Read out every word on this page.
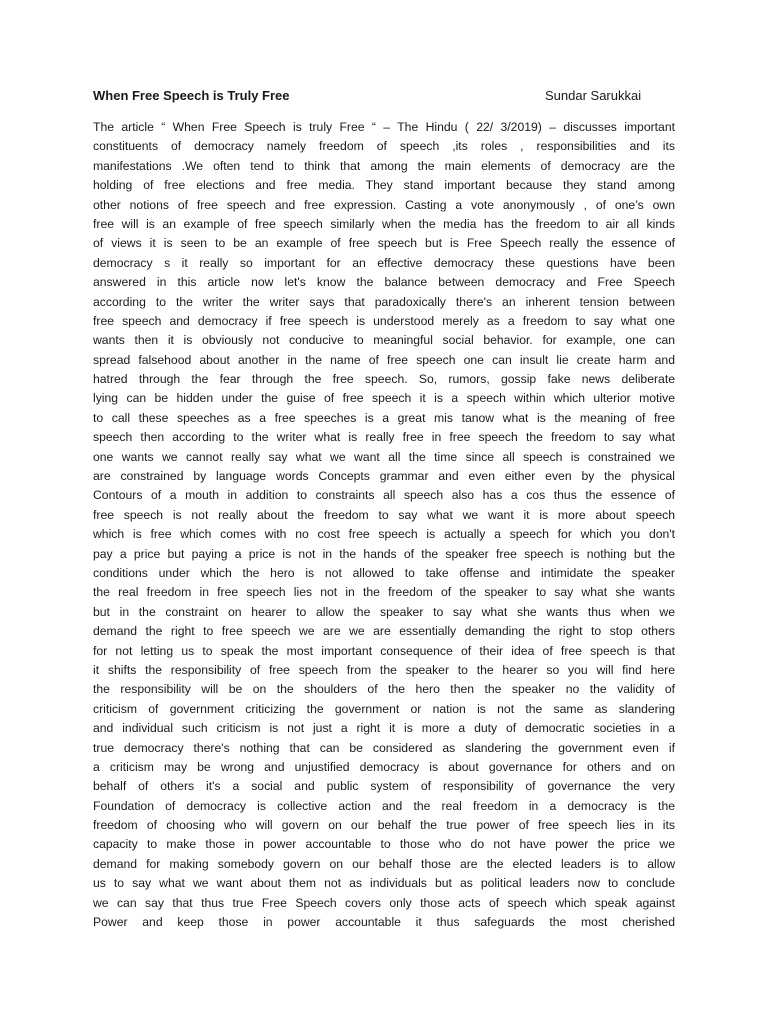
When Free Speech is Truly Free	Sundar Sarukkai
The article “ When Free Speech is truly Free “ – The Hindu ( 22/ 3/2019) – discusses important
constituents of democracy namely freedom of speech ,its roles , responsibilities and its
manifestations .We often tend to think that among the main elements of democracy are the
holding of free elections and free media. They stand important because they stand among
other notions of free speech and free expression. Casting a vote anonymously , of one’s own
free will is an example of free speech similarly when the media has the freedom to air all kinds
of views it is seen to be an example of free speech but is Free Speech really the essence of
democracy s it really so important for an effective democracy these questions have been
answered in this article now let's know the balance between democracy and Free Speech
according to the writer the writer says that paradoxically there's an inherent tension between
free speech and democracy if free speech is understood merely as a freedom to say what one
wants then it is obviously not conducive to meaningful social behavior. for example, one can
spread falsehood about another in the name of free speech one can insult lie create harm and
hatred through the fear through the free speech. So, rumors, gossip fake news deliberate
lying can be hidden under the guise of free speech it is a speech within which ulterior motive
to call these speeches as a free speeches is a great mis tanow what is the meaning of free
speech then according to the writer what is really free in free speech the freedom to say what
one wants we cannot really say what we want all the time since all speech is constrained we
are constrained by language words Concepts grammar and even either even by the physical
Contours of a mouth in addition to constraints all speech also has a cos thus the essence of
free speech is not really about the freedom to say what we want it is more about speech
which is free which comes with no cost free speech is actually a speech for which you don't
pay a price but paying a price is not in the hands of the speaker free speech is nothing but the
conditions under which the hero is not allowed to take offense and intimidate the speaker
the real freedom in free speech lies not in the freedom of the speaker to say what she wants
but in the constraint on hearer to allow the speaker to say what she wants thus when we
demand the right to free speech we are we are essentially demanding the right to stop others
for not letting us to speak the most important consequence of their idea of free speech is that
it shifts the responsibility of free speech from the speaker to the hearer so you will find here
the responsibility will be on the shoulders of the hero then the speaker no the validity of
criticism of government criticizing the government or nation is not the same as slandering
and individual such criticism is not just a right it is more a duty of democratic societies in a
true democracy there's nothing that can be considered as slandering the government even if
a criticism may be wrong and unjustified democracy is about governance for others and on
behalf of others it's a social and public system of responsibility of governance the very
Foundation of democracy is collective action and the real freedom in a democracy is the
freedom of choosing who will govern on our behalf the true power of free speech lies in its
capacity to make those in power accountable to those who do not have power the price we
demand for making somebody govern on our behalf those are the elected leaders is to allow
us to say what we want about them not as individuals but as political leaders now to conclude
we can say that thus true Free Speech covers only those acts of speech which speak against
Power and keep those in power accountable it thus safeguards the most cherished
